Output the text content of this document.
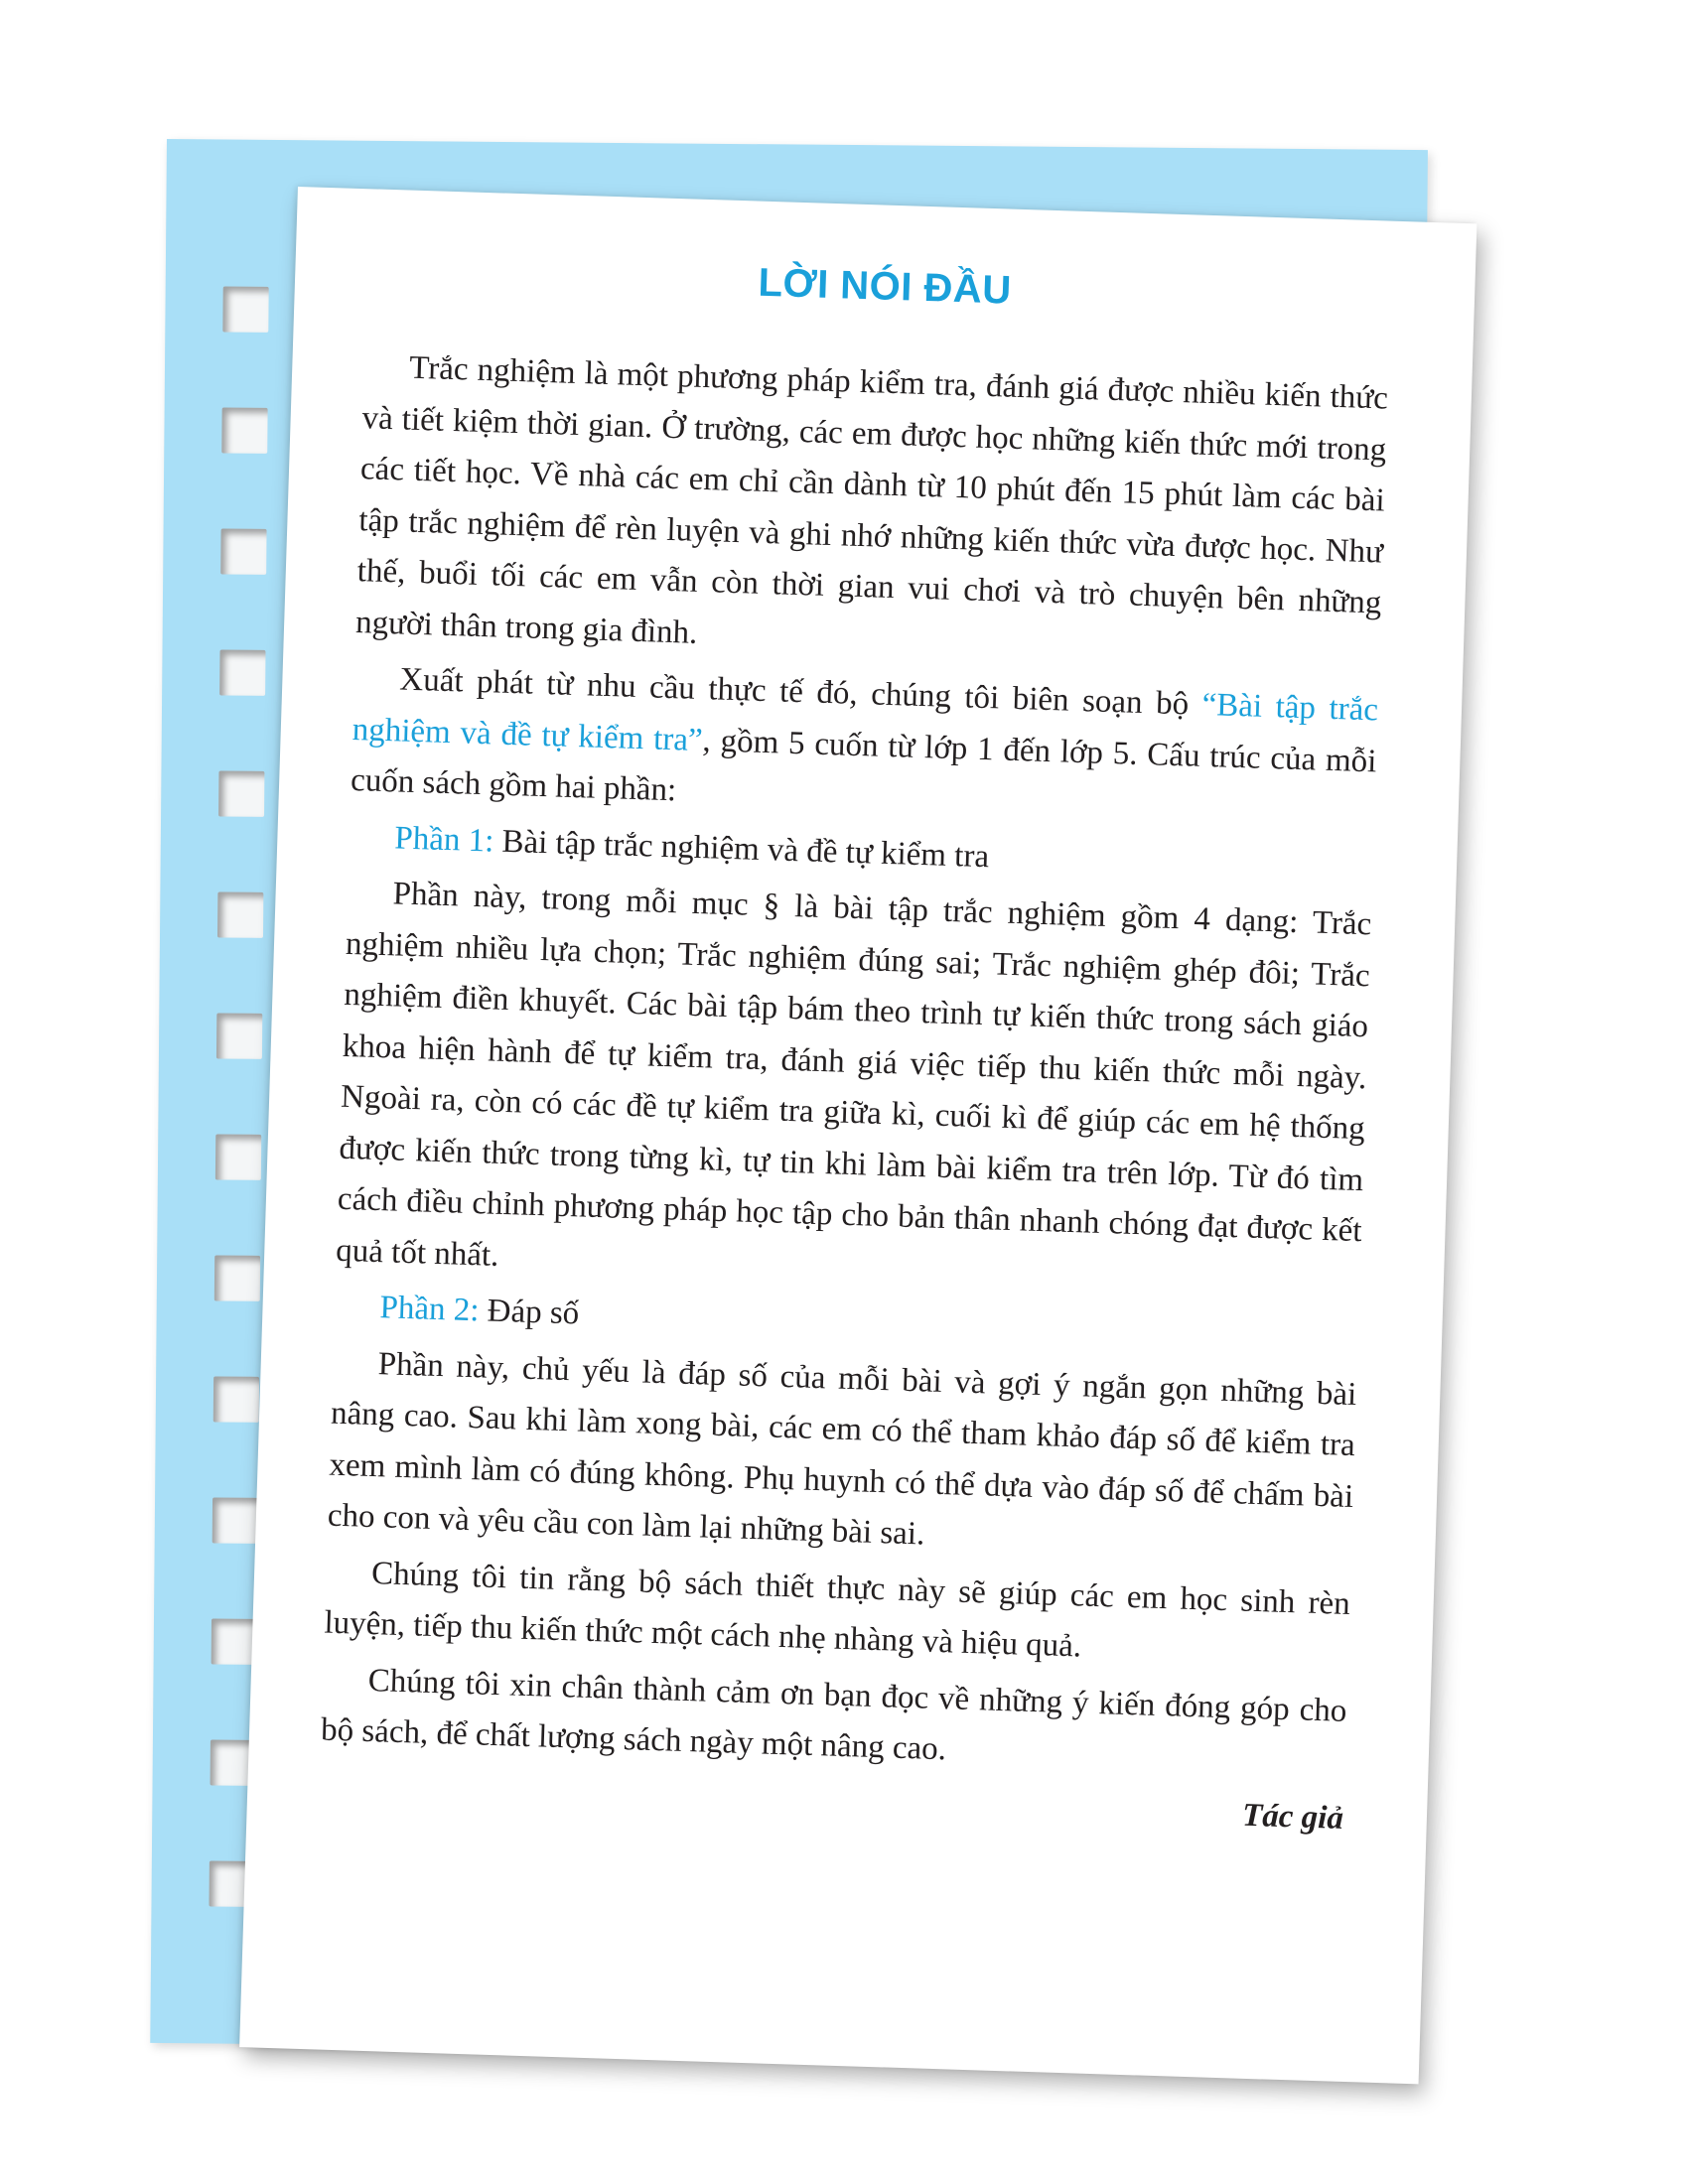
LỜI NÓI ĐẦU

Trắc nghiệm là một phương pháp kiểm tra, đánh giá được nhiều kiến thức và tiết kiệm thời gian. Ở trường, các em được học những kiến thức mới trong các tiết học. Về nhà các em chỉ cần dành từ 10 phút đến 15 phút làm các bài tập trắc nghiệm để rèn luyện và ghi nhớ những kiến thức vừa được học. Như thế, buổi tối các em vẫn còn thời gian vui chơi và trò chuyện bên những người thân trong gia đình.

Xuất phát từ nhu cầu thực tế đó, chúng tôi biên soạn bộ “Bài tập trắc nghiệm và đề tự kiểm tra”, gồm 5 cuốn từ lớp 1 đến lớp 5. Cấu trúc của mỗi cuốn sách gồm hai phần:

Phần 1: Bài tập trắc nghiệm và đề tự kiểm tra

Phần này, trong mỗi mục § là bài tập trắc nghiệm gồm 4 dạng: Trắc nghiệm nhiều lựa chọn; Trắc nghiệm đúng sai; Trắc nghiệm ghép đôi; Trắc nghiệm điền khuyết. Các bài tập bám theo trình tự kiến thức trong sách giáo khoa hiện hành để tự kiểm tra, đánh giá việc tiếp thu kiến thức mỗi ngày. Ngoài ra, còn có các đề tự kiểm tra giữa kì, cuối kì để giúp các em hệ thống được kiến thức trong từng kì, tự tin khi làm bài kiểm tra trên lớp. Từ đó tìm cách điều chỉnh phương pháp học tập cho bản thân nhanh chóng đạt được kết quả tốt nhất.

Phần 2: Đáp số

Phần này, chủ yếu là đáp số của mỗi bài và gợi ý ngắn gọn những bài nâng cao. Sau khi làm xong bài, các em có thể tham khảo đáp số để kiểm tra xem mình làm có đúng không. Phụ huynh có thể dựa vào đáp số để chấm bài cho con và yêu cầu con làm lại những bài sai.

Chúng tôi tin rằng bộ sách thiết thực này sẽ giúp các em học sinh rèn luyện, tiếp thu kiến thức một cách nhẹ nhàng và hiệu quả.

Chúng tôi xin chân thành cảm ơn bạn đọc về những ý kiến đóng góp cho bộ sách, để chất lượng sách ngày một nâng cao.

Tác giả
